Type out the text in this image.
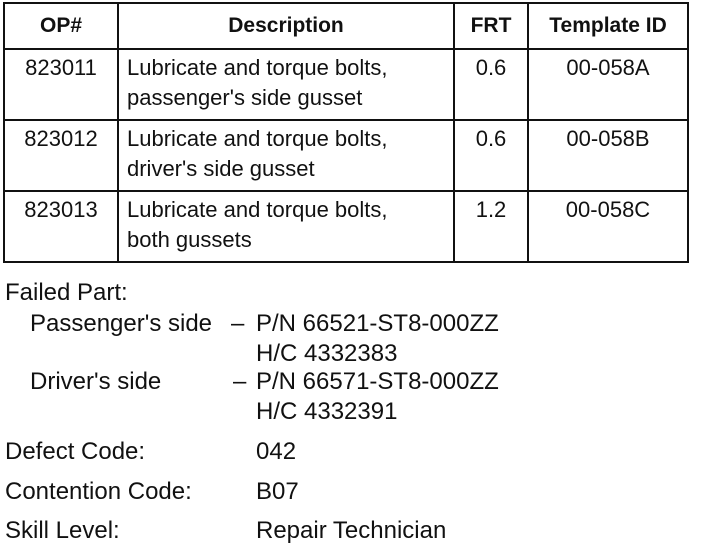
OP#	Description	FRT	Template ID
823011	Lubricate and torque bolts,
passenger's side gusset	0.6	00-058A
823012	Lubricate and torque bolts,
driver's side gusset	0.6	00-058B
823013	Lubricate and torque bolts,
both gussets	1.2	00-058C
Failed Part:
Passenger's side – P/N 66521-ST8-000ZZ
H/C 4332383
Driver's side	– P/N 66571-ST8-000ZZ
H/C 4332391
Defect Code:	042
Contention Code:	B07
Skill Level:	Repair Technician
